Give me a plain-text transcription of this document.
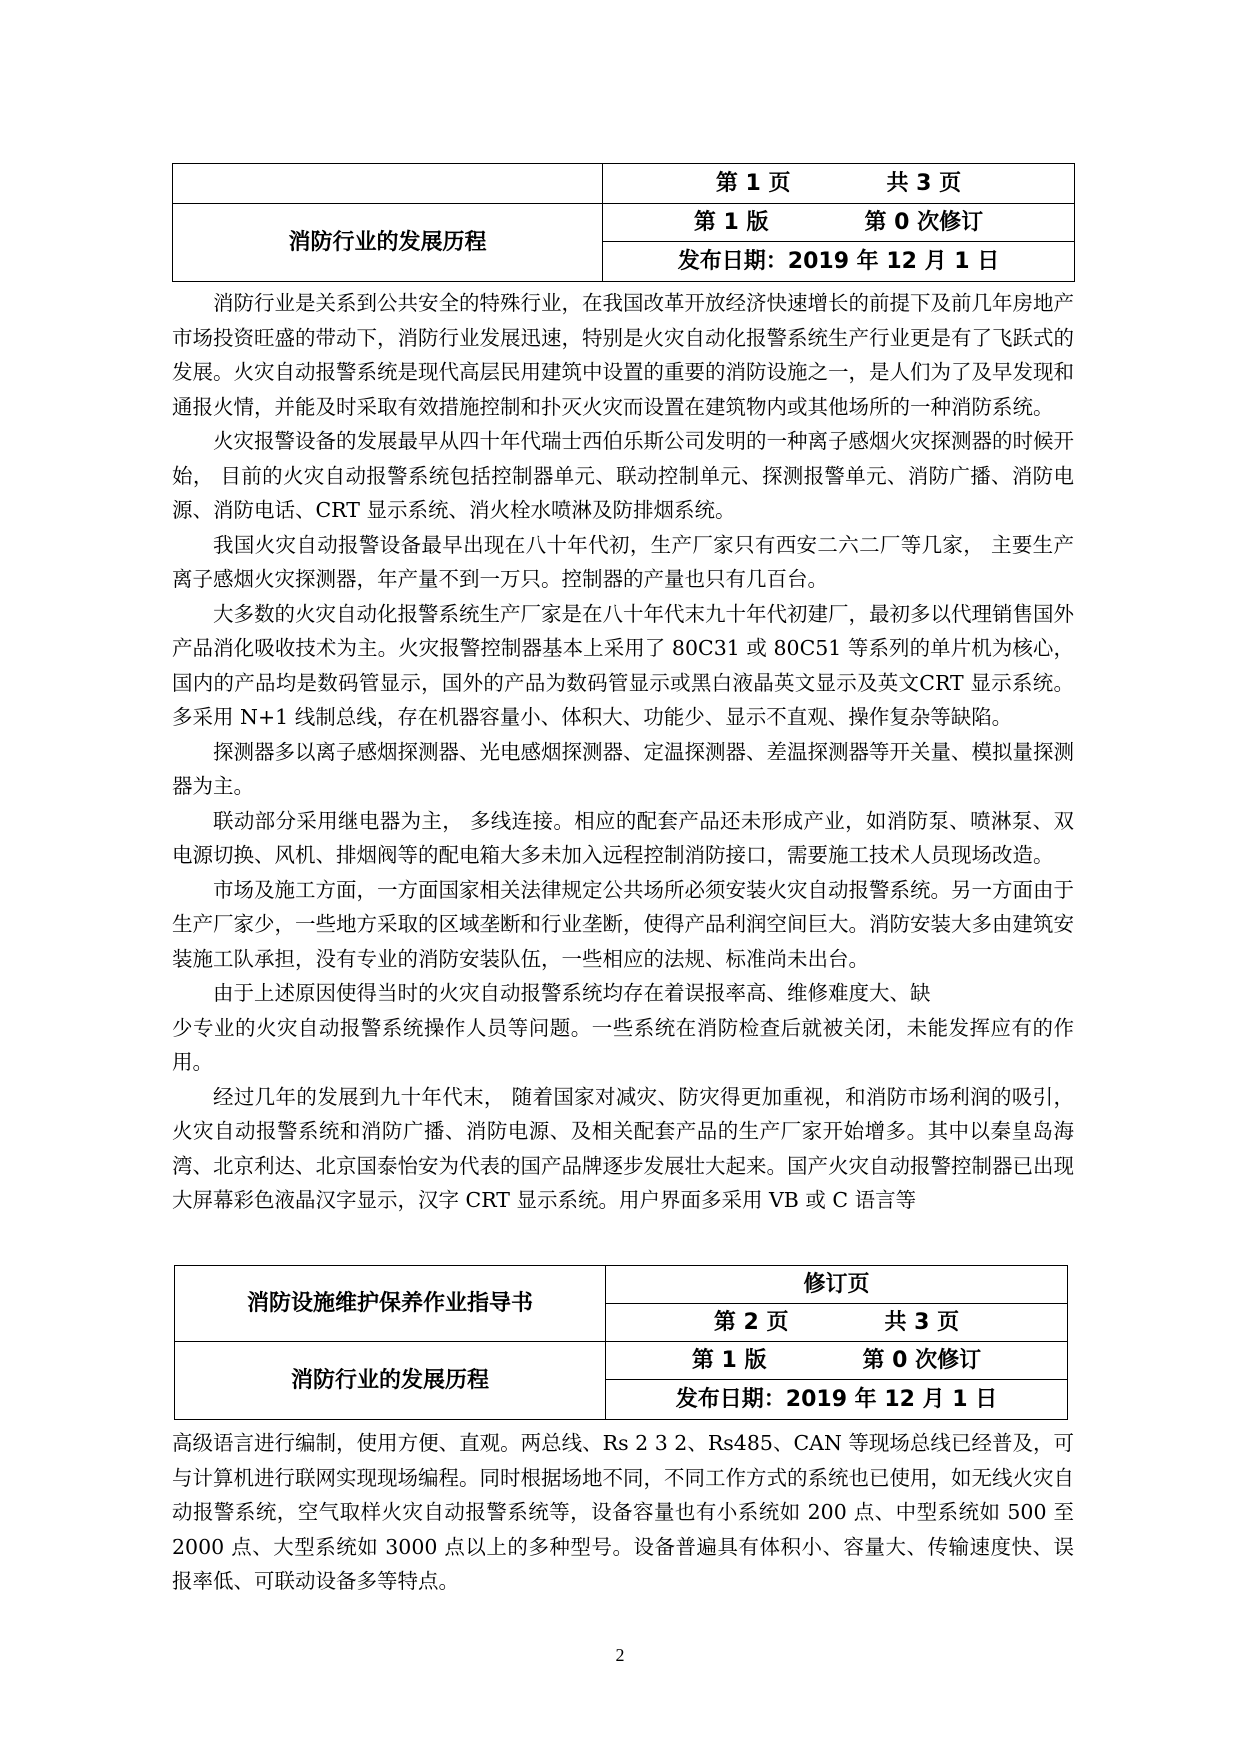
	第 1 页 共 3 页
消防行业的发展历程	第 1 版 第 0 次修订
	发布日期：2019 年 12 月 1 日

消防行业是关系到公共安全的特殊行业，在我国改革开放经济快速增长的前提下及前几年房地产市场投资旺盛的带动下，消防行业发展迅速，特别是火灾自动化报警系统生产行业更是有了飞跃式的发展。火灾自动报警系统是现代高层民用建筑中设置的重要的消防设施之一，是人们为了及早发现和通报火情，并能及时采取有效措施控制和扑灭火灾而设置在建筑物内或其他场所的一种消防系统。

火灾报警设备的发展最早从四十年代瑞士西伯乐斯公司发明的一种离子感烟火灾探测器的时候开始， 目前的火灾自动报警系统包括控制器单元、联动控制单元、探测报警单元、消防广播、消防电源、消防电话、CRT 显示系统、消火栓水喷淋及防排烟系统。

我国火灾自动报警设备最早出现在八十年代初，生产厂家只有西安二六二厂等几家， 主要生产离子感烟火灾探测器，年产量不到一万只。控制器的产量也只有几百台。

大多数的火灾自动化报警系统生产厂家是在八十年代末九十年代初建厂，最初多以代理销售国外产品消化吸收技术为主。火灾报警控制器基本上采用了 80C31 或 80C51 等系列的单片机为核心，国内的产品均是数码管显示，国外的产品为数码管显示或黑白液晶英文显示及英文CRT 显示系统。多采用 N+1 线制总线，存在机器容量小、体积大、功能少、显示不直观、操作复杂等缺陷。

探测器多以离子感烟探测器、光电感烟探测器、定温探测器、差温探测器等开关量、模拟量探测器为主。

联动部分采用继电器为主， 多线连接。相应的配套产品还未形成产业，如消防泵、喷淋泵、双电源切换、风机、排烟阀等的配电箱大多未加入远程控制消防接口，需要施工技术人员现场改造。

市场及施工方面，一方面国家相关法律规定公共场所必须安装火灾自动报警系统。另一方面由于生产厂家少，一些地方采取的区域垄断和行业垄断，使得产品利润空间巨大。消防安装大多由建筑安装施工队承担，没有专业的消防安装队伍，一些相应的法规、标准尚未出台。

由于上述原因使得当时的火灾自动报警系统均存在着误报率高、维修难度大、缺

少专业的火灾自动报警系统操作人员等问题。一些系统在消防检查后就被关闭，未能发挥应有的作用。

经过几年的发展到九十年代末， 随着国家对减灾、防灾得更加重视，和消防市场利润的吸引，火灾自动报警系统和消防广播、消防电源、及相关配套产品的生产厂家开始增多。其中以秦皇岛海湾、北京利达、北京国泰怡安为代表的国产品牌逐步发展壮大起来。国产火灾自动报警控制器已出现大屏幕彩色液晶汉字显示，汉字 CRT 显示系统。用户界面多采用 VB 或 C 语言等

消防设施维护保养作业指导书	修订页
	第 2 页 共 3 页
消防行业的发展历程	第 1 版 第 0 次修订
	发布日期：2019 年 12 月 1 日

高级语言进行编制，使用方便、直观。两总线、Rs 2 3 2、Rs485、CAN 等现场总线已经普及，可与计算机进行联网实现现场编程。同时根据场地不同，不同工作方式的系统也已使用，如无线火灾自动报警系统，空气取样火灾自动报警系统等，设备容量也有小系统如 200 点、中型系统如 500 至 2000 点、大型系统如 3000 点以上的多种型号。设备普遍具有体积小、容量大、传输速度快、误报率低、可联动设备多等特点。

2
